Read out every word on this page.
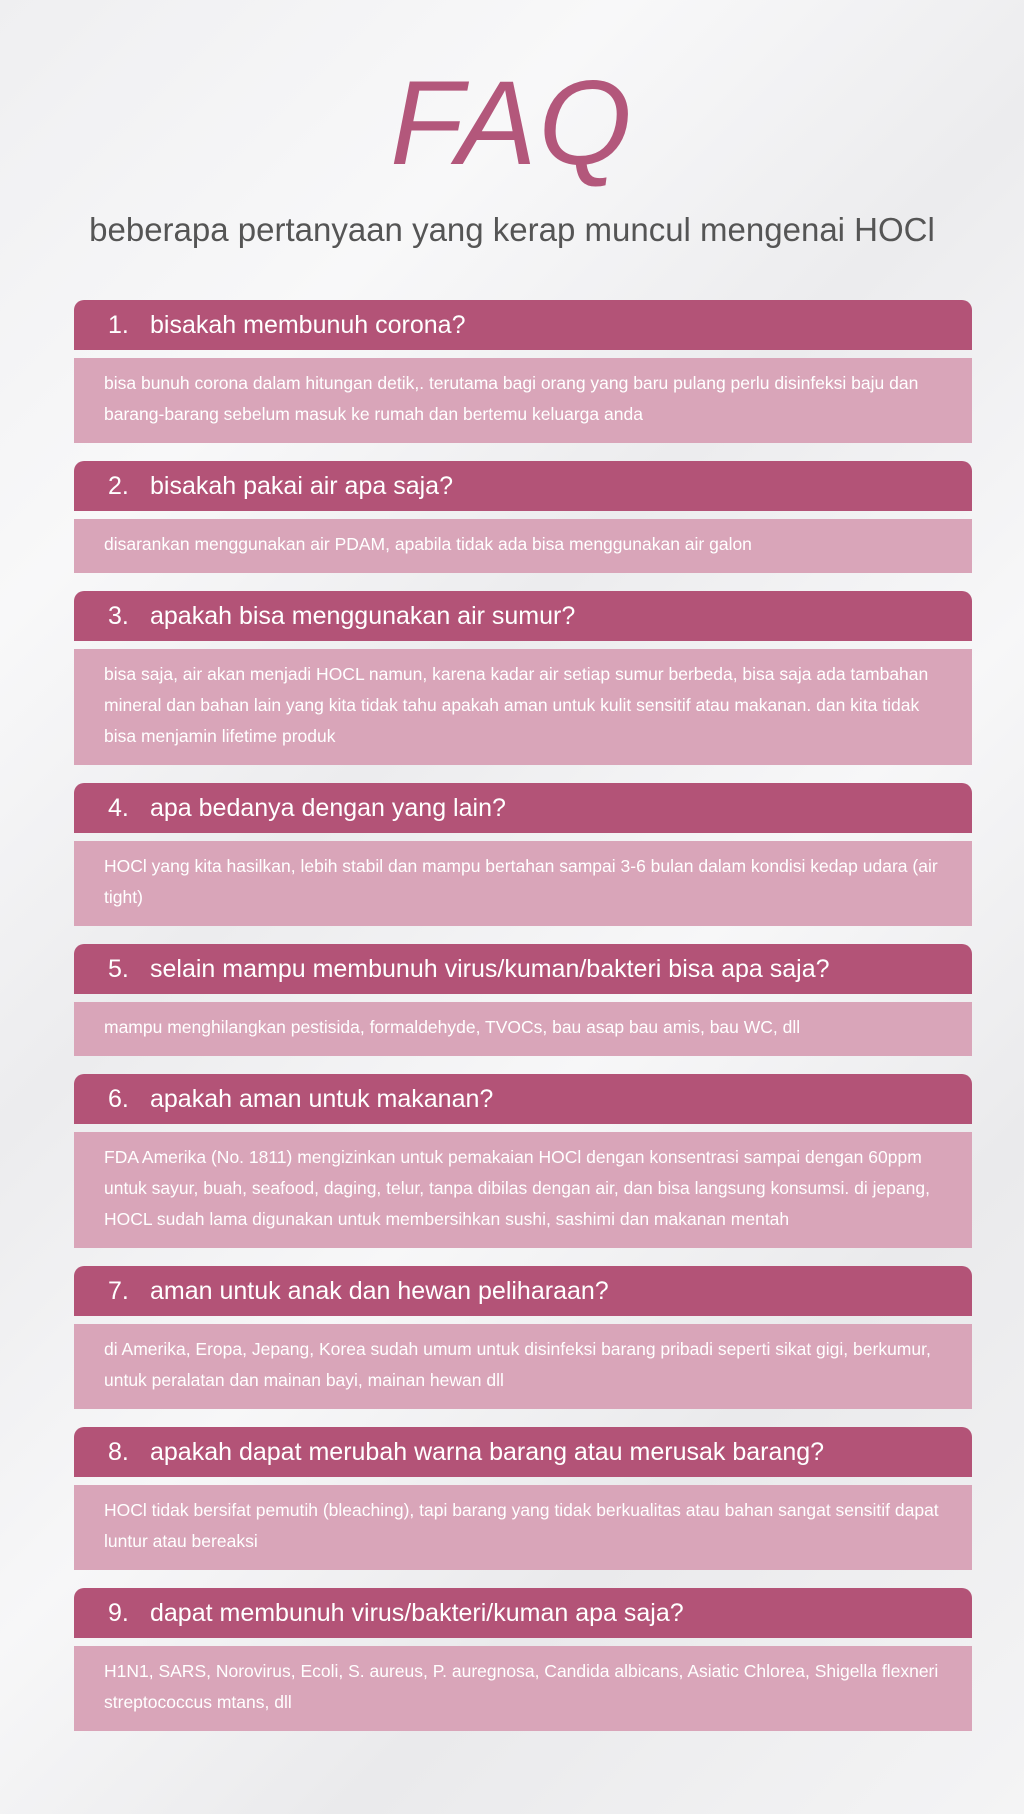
FAQ
beberapa pertanyaan yang kerap muncul mengenai HOCl
1. bisakah membunuh corona?
bisa bunuh corona dalam hitungan detik,. terutama bagi orang yang baru pulang perlu disinfeksi baju dan barang-barang sebelum masuk ke rumah dan bertemu keluarga anda
2. bisakah pakai air apa saja?
disarankan menggunakan air PDAM, apabila tidak ada bisa menggunakan air galon
3. apakah bisa menggunakan air sumur?
bisa saja, air akan menjadi HOCL namun, karena kadar air setiap sumur berbeda, bisa saja ada tambahan mineral dan bahan lain yang kita tidak tahu apakah aman untuk kulit sensitif atau makanan. dan kita tidak bisa menjamin lifetime produk
4. apa bedanya dengan yang lain?
HOCl yang kita hasilkan, lebih stabil dan mampu bertahan sampai 3-6 bulan dalam kondisi kedap udara (air tight)
5. selain mampu membunuh virus/kuman/bakteri bisa apa saja?
mampu menghilangkan pestisida, formaldehyde, TVOCs, bau asap bau amis, bau WC, dll
6. apakah aman untuk makanan?
FDA Amerika (No. 1811) mengizinkan untuk pemakaian HOCl dengan konsentrasi sampai dengan 60ppm untuk sayur, buah, seafood, daging, telur, tanpa dibilas dengan air, dan bisa langsung konsumsi. di jepang, HOCL sudah lama digunakan untuk membersihkan sushi, sashimi dan makanan mentah
7. aman untuk anak dan hewan peliharaan?
di Amerika, Eropa, Jepang, Korea sudah umum untuk disinfeksi barang pribadi seperti sikat gigi, berkumur, untuk peralatan dan mainan bayi, mainan hewan dll
8. apakah dapat merubah warna barang atau merusak barang?
HOCl tidak bersifat pemutih (bleaching), tapi barang yang tidak berkualitas atau bahan sangat sensitif dapat luntur atau bereaksi
9. dapat membunuh virus/bakteri/kuman apa saja?
H1N1, SARS, Norovirus, Ecoli, S. aureus, P. auregnosa, Candida albicans, Asiatic Chlorea, Shigella flexneri streptococcus mtans, dll
